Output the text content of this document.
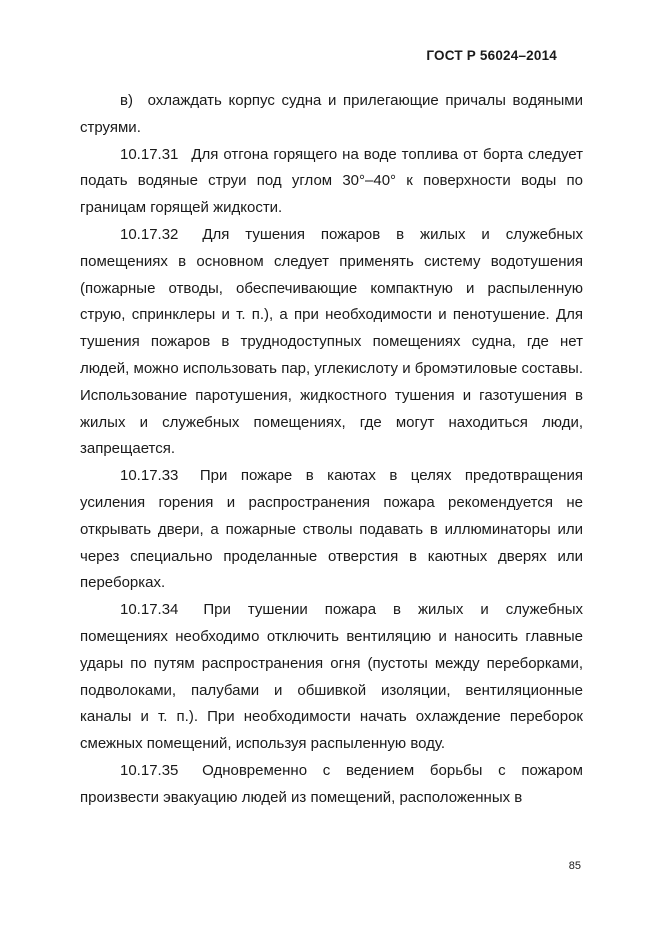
ГОСТ Р 56024–2014

в) охлаждать корпус судна и прилегающие причалы водяными струями.

10.17.31 Для отгона горящего на воде топлива от борта следует подать водяные струи под углом 30°–40° к поверхности воды по границам горящей жидкости.

10.17.32 Для тушения пожаров в жилых и служебных помещениях в основном следует применять систему водотушения (пожарные отводы, обеспечивающие компактную и распыленную струю, спринклеры и т. п.), а при необходимости и пенотушение. Для тушения пожаров в труднодоступных помещениях судна, где нет людей, можно использовать пар, углекислоту и бромэтиловые составы. Использование паротушения, жидкостного тушения и газотушения в жилых и служебных помещениях, где могут находиться люди, запрещается.

10.17.33 При пожаре в каютах в целях предотвращения усиления горения и распространения пожара рекомендуется не открывать двери, а пожарные стволы подавать в иллюминаторы или через специально проделанные отверстия в каютных дверях или переборках.

10.17.34 При тушении пожара в жилых и служебных помещениях необходимо отключить вентиляцию и наносить главные удары по путям распространения огня (пустоты между переборками, подволоками, палубами и обшивкой изоляции, вентиляционные каналы и т. п.). При необходимости начать охлаждение переборок смежных помещений, используя распыленную воду.

10.17.35 Одновременно с ведением борьбы с пожаром произвести эвакуацию людей из помещений, расположенных в

85
